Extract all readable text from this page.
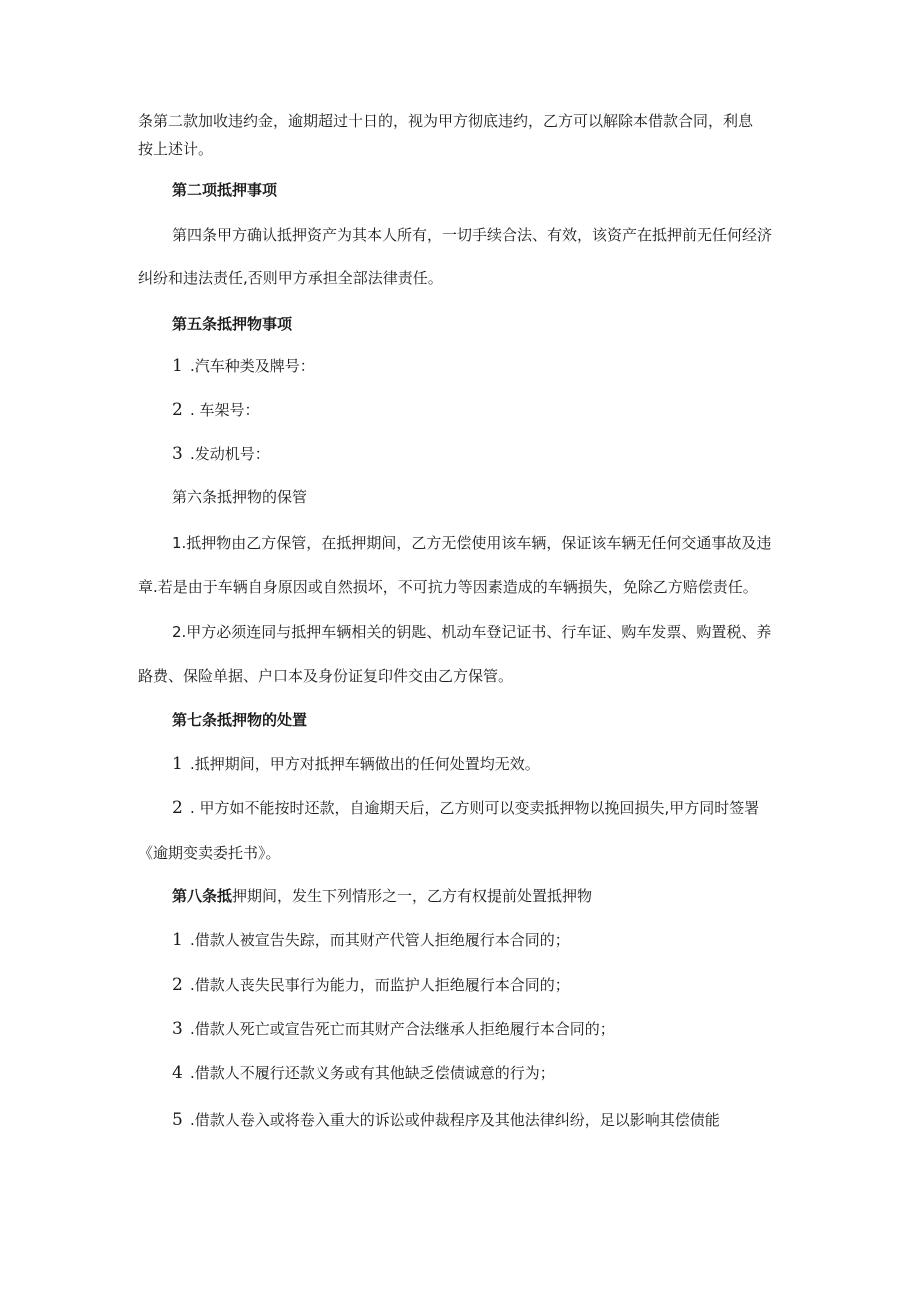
条第二款加收违约金，逾期超过十日的，视为甲方彻底违约，乙方可以解除本借款合同，利息
按上述计。
第二项抵押事项
第四条甲方确认抵押资产为其本人所有，一切手续合法、有效，该资产在抵押前无任何经济
纠纷和违法责任,否则甲方承担全部法律责任。
第五条抵押物事项
1 .汽车种类及牌号：
2 . 车架号：
3 .发动机号：
第六条抵押物的保管
1.抵押物由乙方保管，在抵押期间，乙方无偿使用该车辆，保证该车辆无任何交通事故及违
章.若是由于车辆自身原因或自然损坏，不可抗力等因素造成的车辆损失，免除乙方赔偿责任。
2.甲方必须连同与抵押车辆相关的钥匙、机动车登记证书、行车证、购车发票、购置税、养
路费、保险单据、户口本及身份证复印件交由乙方保管。
第七条抵押物的处置
1 .抵押期间，甲方对抵押车辆做出的任何处置均无效。
2 . 甲方如不能按时还款，自逾期天后，乙方则可以变卖抵押物以挽回损失,甲方同时签署
《逾期变卖委托书》。
第八条抵押期间，发生下列情形之一，乙方有权提前处置抵押物
1 .借款人被宣告失踪，而其财产代管人拒绝履行本合同的；
2 .借款人丧失民事行为能力，而监护人拒绝履行本合同的；
3 .借款人死亡或宣告死亡而其财产合法继承人拒绝履行本合同的；
4 .借款人不履行还款义务或有其他缺乏偿债诚意的行为；
5 .借款人卷入或将卷入重大的诉讼或仲裁程序及其他法律纠纷，足以影响其偿债能
